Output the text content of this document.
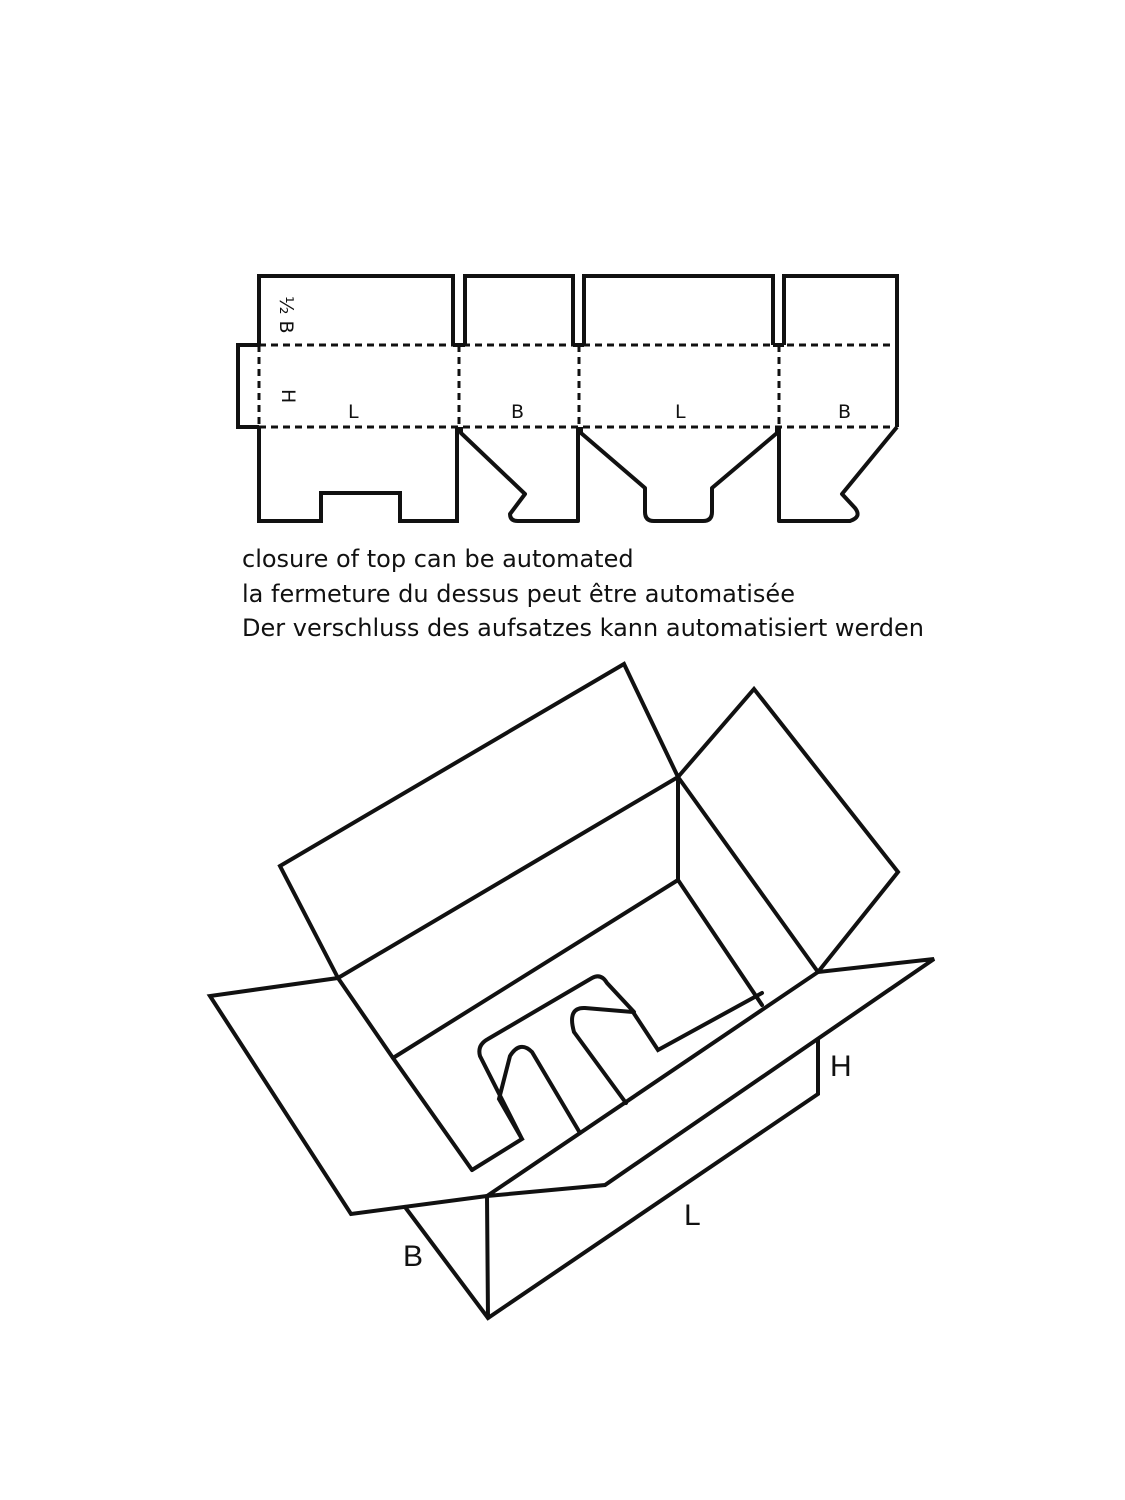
½ B
H
L	B	L	B

closure of top can be automated

la fermeture du dessus peut être automatisée

Der verschluss des aufsatzes kann automatisiert werden

H
L
B
